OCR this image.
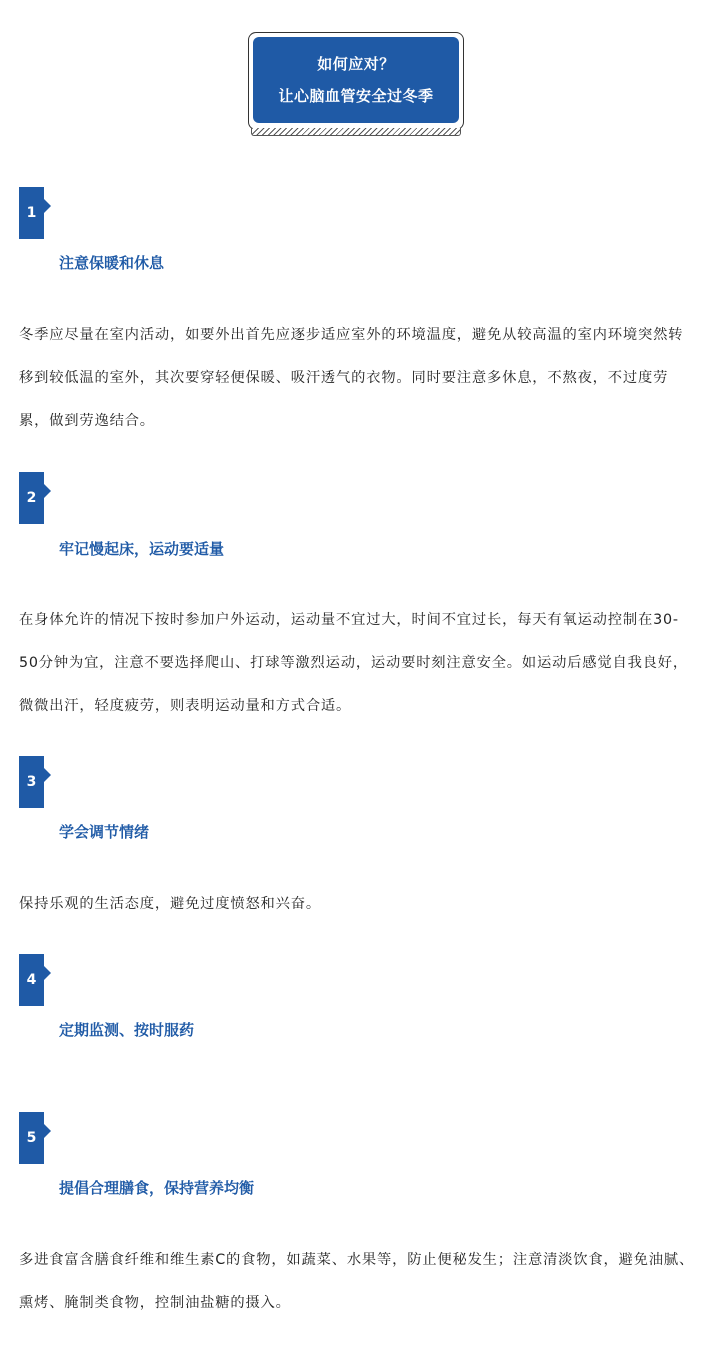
如何应对？
让心脑血管安全过冬季
1
注意保暖和休息

冬季应尽量在室内活动，如要外出首先应逐步适应室外的环境温度，避免从较高温的室内环境突然转移到较低温的室外，其次要穿轻便保暖、吸汗透气的衣物。同时要注意多休息，不熬夜，不过度劳累，做到劳逸结合。

2
牢记慢起床，运动要适量

在身体允许的情况下按时参加户外运动，运动量不宜过大，时间不宜过长，每天有氧运动控制在30-50分钟为宜，注意不要选择爬山、打球等激烈运动，运动要时刻注意安全。如运动后感觉自我良好，微微出汗，轻度疲劳，则表明运动量和方式合适。

3
学会调节情绪

保持乐观的生活态度，避免过度愤怒和兴奋。

4
定期监测、按时服药
5
提倡合理膳食，保持营养均衡

多进食富含膳食纤维和维生素C的食物，如蔬菜、水果等，防止便秘发生；注意清淡饮食，避免油腻、熏烤、腌制类食物，控制油盐糖的摄入。
